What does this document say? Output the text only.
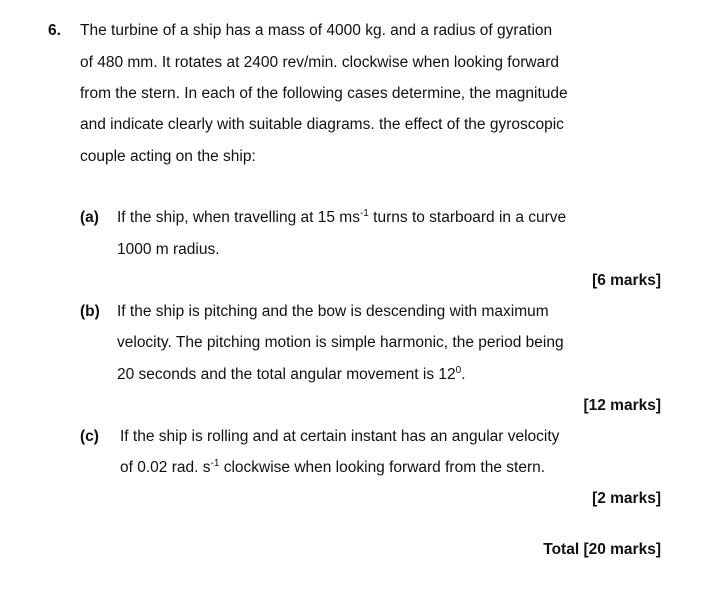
6. The turbine of a ship has a mass of 4000 kg. and a radius of gyration
of 480 mm. It rotates at 2400 rev/min. clockwise when looking forward
from the stern. In each of the following cases determine, the magnitude
and indicate clearly with suitable diagrams. the effect of the gyroscopic
couple acting on the ship:
(a) If the ship, when travelling at 15 $ms^{-1}$ turns to starboard in a curve
1000 m radius.
[6 marks]
(b) If the ship is pitching and the bow is descending with maximum
velocity. The pitching motion is simple harmonic, the period being
20 seconds and the total angular movement is $12^0$.
[12 marks]
(c) If the ship is rolling and at certain instant has an angular velocity
of 0.02 rad. $s^{-1}$ clockwise when looking forward from the stern.
[2 marks]
Total [20 marks]
